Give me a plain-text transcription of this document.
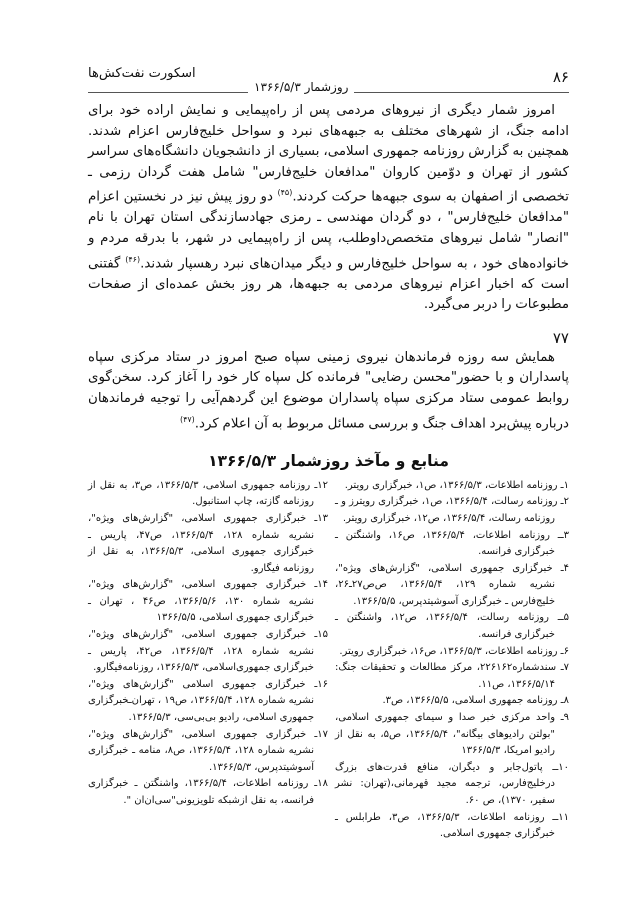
۸۶
اسکورت نفت‌کش‌ها
روزشمار ۱۳۶۶/۵/۳

امروز شمار دیگری از نیروهای مردمی پس از راه‌پیمایی و نمایش اراده خود برای ادامه جنگ، از شهرهای مختلف به جبهه‌های نبرد و سواحل خلیج‌فارس اعزام شدند. همچنین به گزارش روزنامه جمهوری اسلامی، بسیاری از دانشجویان دانشگاه‌های سراسر کشور از تهران و دوّمین کاروان "مدافعان خلیج‌فارس" شامل هفت گردان رزمی ـ تخصصی از اصفهان به سوی جبهه‌ها حرکت کردند.$^{(۴۵)}$ دو روز پیش نیز در نخستین اعزام "مدافعان خلیج‌فارس" ، دو گردان مهندسی ـ رمزی جهادسازندگی استان تهران با نام "انصار" شامل نیروهای متخصص‌داوطلب، پس از راه‌پیمایی در شهر، با بدرقه مردم و خانواده‌های خود ، به سواحل خلیج‌فارس و دیگر میدان‌های نبرد رهسپار شدند.$^{(۴۶)}$ گفتنی است که اخبار اعزام نیروهای مردمی به جبهه‌ها، هر روز بخش عمده‌ای از صفحات مطبوعات را دربر می‌گیرد.

۷۷

همایش سه روزه فرماندهان نیروی زمینی سپاه صبح امروز در ستاد مرکزی سپاه پاسداران و با حضور"محسن رضایی" فرمانده کل سپاه کار خود را آغاز کرد. سخن‌گوی روابط عمومی ستاد مرکزی سپاه پاسداران موضوع این گردهم‌آیی را توجیه فرماندهان درباره پیش‌برد اهداف جنگ و بررسی مسائل مربوط به آن اعلام کرد.$^{(۴۷)}$

منابع و مآخذ روزشمار ۱۳۶۶/۵/۳
۱ـ روزنامه اطلاعات، ۱۳۶۶/۵/۳، ص۱، خبرگزاری رویتر.
۲ـ روزنامه رسالت، ۱۳۶۶/۵/۴، ص۱، خبرگزاری رویترز و ـ روزنامه رسالت، ۱۳۶۶/۵/۴، ص۱۲، خبرگزاری رویتر.
۳ــ روزنامه اطلاعات، ۱۳۶۶/۵/۴، ص۱۶، واشنگتن ـ خبرگزاری فرانسه.
۴ـ خبرگزاری جمهوری اسلامی، "گزارش‌های ویژه"، نشریه شماره ۱۲۹، ۱۳۶۶/۵/۴، ص‌ص۲۷ـ۲۶، خلیج‌فارس ـ خبرگزاری آسوشیتدپرس، ۱۳۶۶/۵/۵.
۵ــ روزنامه رسالت، ۱۳۶۶/۵/۴، ص۱۲، واشنگتن ـ خبرگزاری فرانسه.
۶ـ روزنامه اطلاعات، ۱۳۶۶/۵/۳، ص۱۶، خبرگزاری رویتر.
۷ـ سندشماره۲۲۶۱۶۲، مرکز مطالعات و تحقیقات جنگ: ۱۳۶۶/۵/۱۴، ص۱۱.
۸ـ روزنامه جمهوری اسلامی، ۱۳۶۶/۵/۵، ص۳.
۹ـ واحد مرکزی خبر صدا و سیمای جمهوری اسلامی، "بولتن رادیوهای بیگانه"، ۱۳۶۶/۵/۴، ص۵، به نقل از رادیو امریکا، ۱۳۶۶/۵/۳
۱۰ــ پاتول‌جابر و دیگران، منافع قدرت‌های بزرگ درخلیج‌فارس، ترجمه مجید قهرمانی،(تهران: نشر سفیر، ۱۳۷۰)، ص ۶۰.
۱۱ــ روزنامه اطلاعات، ۱۳۶۶/۵/۳، ص۳، طرابلس ـ خبرگزاری جمهوری اسلامی.
۱۲ـ روزنامه جمهوری اسلامی، ۱۳۶۶/۵/۳، ص۳، به نقل از روزنامه گازته، چاپ استانبول.
۱۳ـ خبرگزاری جمهوری اسلامی، "گزارش‌های ویژه"، نشریه شماره ۱۲۸، ۱۳۶۶/۵/۴، ص۴۷، پاریس ـ خبرگزاری جمهوری اسلامی، ۱۳۶۶/۵/۳، به نقل از روزنامه فیگارو.
۱۴ـ خبرگزاری جمهوری اسلامی، "گزارش‌های ویژه"، نشریه شماره ۱۳۰، ۱۳۶۶/۵/۶، ص۴۶ ، تهران ـ خبرگزاری جمهوری اسلامی، ۱۳۶۶/۵/۵
۱۵ـ خبرگزاری جمهوری اسلامی، "گزارش‌های ویژه"، نشریه شماره ۱۲۸، ۱۳۶۶/۵/۴، ص۴۲، پاریس ـ خبرگزاری جمهوری‌اسلامی، ۱۳۶۶/۵/۳، روزنامه‌فیگارو.
۱۶ـ خبرگزاری جمهوری اسلامی "گزارش‌های ویژه"، نشریه شماره ۱۲۸، ۱۳۶۶/۵/۴، ص۱۹ ، تهران‌ـخبرگزاری جمهوری اسلامی، رادیو بی‌بی‌سی، ۱۳۶۶/۵/۳.
۱۷ـ خبرگزاری جمهوری اسلامی، "گزارش‌های ویژه"، نشریه شماره ۱۲۸، ۱۳۶۶/۵/۴، ص۸، منامه ـ خبرگزاری آسوشیتدپرس، ۱۳۶۶/۵/۳.
۱۸ـ روزنامه اطلاعات، ۱۳۶۶/۵/۴، واشنگتن ـ خبرگزاری فرانسه، به نقل ازشبکه تلویزیونی"سی‌ان‌ان ".
